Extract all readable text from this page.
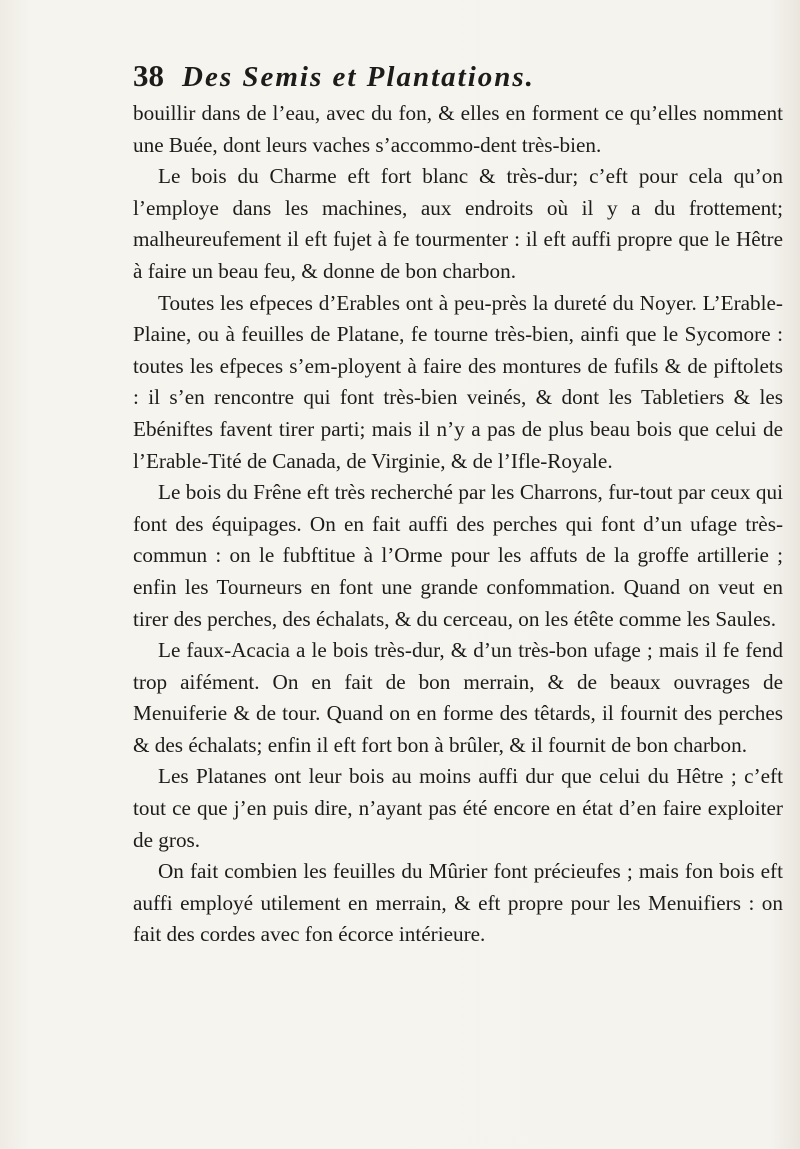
38 Des Semis et Plantations.

bouillir dans de l’eau, avec du fon, & elles en forment ce qu’elles nomment une Buée, dont leurs vaches s’accommo-dent très-bien.

Le bois du Charme eft fort blanc & très-dur; c’eft pour cela qu’on l’employe dans les machines, aux endroits où il y a du frottement; malheureufement il eft fujet à fe tourmenter : il eft auffi propre que le Hêtre à faire un beau feu, & donne de bon charbon.

Toutes les efpeces d’Erables ont à peu-près la dureté du Noyer. L’Erable-Plaine, ou à feuilles de Platane, fe tourne très-bien, ainfi que le Sycomore : toutes les efpeces s’em-ployent à faire des montures de fufils & de piftolets : il s’en rencontre qui font très-bien veinés, & dont les Tabletiers & les Ebéniftes favent tirer parti; mais il n’y a pas de plus beau bois que celui de l’Erable-Tité de Canada, de Virginie, & de l’Ifle-Royale.

Le bois du Frêne eft très recherché par les Charrons, fur-tout par ceux qui font des équipages. On en fait auffi des perches qui font d’un ufage très-commun : on le fubftitue à l’Orme pour les affuts de la groffe artillerie ; enfin les Tourneurs en font une grande confommation. Quand on veut en tirer des perches, des échalats, & du cerceau, on les étête comme les Saules.

Le faux-Acacia a le bois très-dur, & d’un très-bon ufage ; mais il fe fend trop aifément. On en fait de bon merrain, & de beaux ouvrages de Menuiferie & de tour. Quand on en forme des têtards, il fournit des perches & des échalats; enfin il eft fort bon à brûler, & il fournit de bon charbon.

Les Platanes ont leur bois au moins auffi dur que celui du Hêtre ; c’eft tout ce que j’en puis dire, n’ayant pas été encore en état d’en faire exploiter de gros.

On fait combien les feuilles du Mûrier font précieufes ; mais fon bois eft auffi employé utilement en merrain, & eft propre pour les Menuifiers : on fait des cordes avec fon écorce intérieure.
